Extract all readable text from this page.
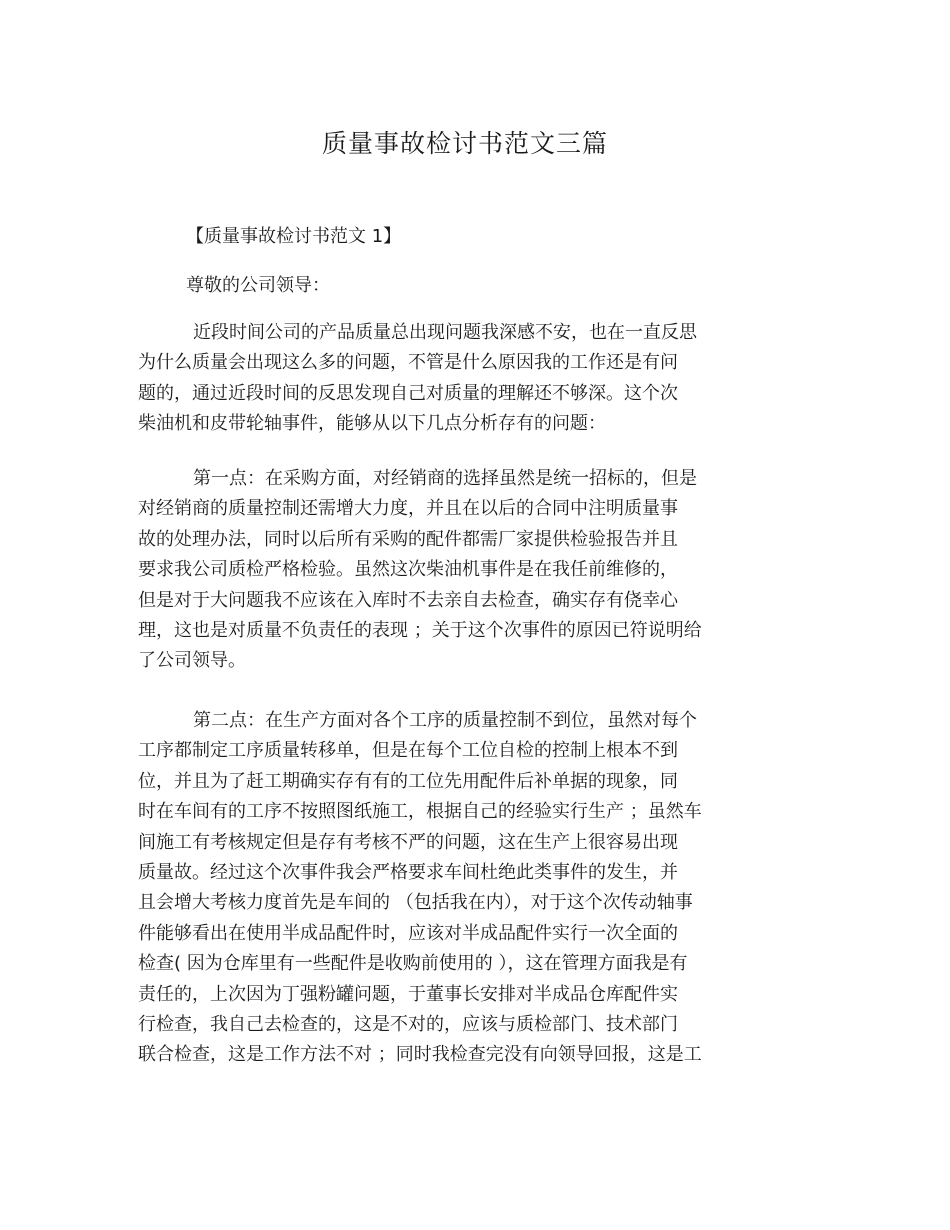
质量事故检讨书范文三篇
【质量事故检讨书范文 1】
尊敬的公司领导：
近段时间公司的产品质量总出现问题我深感不安，也在一直反思
为什么质量会出现这么多的问题，不管是什么原因我的工作还是有问
题的，通过近段时间的反思发现自己对质量的理解还不够深。这个次
柴油机和皮带轮轴事件，能够从以下几点分析存有的问题：
第一点：在采购方面，对经销商的选择虽然是统一招标的，但是
对经销商的质量控制还需增大力度，并且在以后的合同中注明质量事
故的处理办法，同时以后所有采购的配件都需厂家提供检验报告并且
要求我公司质检严格检验。虽然这次柴油机事件是在我任前维修的，
但是对于大问题我不应该在入库时不去亲自去检查，确实存有侥幸心
理，这也是对质量不负责任的表现 ；关于这个次事件的原因已符说明给
了公司领导。
第二点：在生产方面对各个工序的质量控制不到位，虽然对每个
工序都制定工序质量转移单，但是在每个工位自检的控制上根本不到
位，并且为了赶工期确实存有有的工位先用配件后补单据的现象，同
时在车间有的工序不按照图纸施工，根据自己的经验实行生产 ；虽然车
间施工有考核规定但是存有考核不严的问题，这在生产上很容易出现
质量故。经过这个次事件我会严格要求车间杜绝此类事件的发生，并
且会增大考核力度首先是车间的 （包括我在内），对于这个次传动轴事
件能够看出在使用半成品配件时，应该对半成品配件实行一次全面的
检查( 因为仓库里有一些配件是收购前使用的 ），这在管理方面我是有
责任的，上次因为丁强粉罐问题，于董事长安排对半成品仓库配件实
行检查，我自己去检查的，这是不对的，应该与质检部门、技术部门
联合检查，这是工作方法不对 ；同时我检查完没有向领导回报，这是工
